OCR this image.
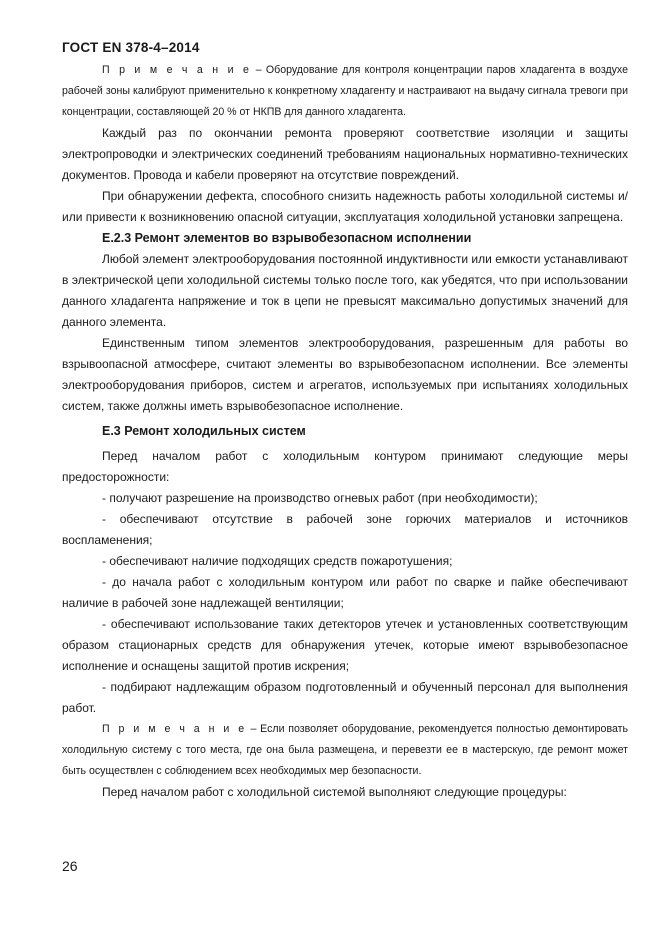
ГОСТ EN 378-4–2014

П р и м е ч а н и е – Оборудование для контроля концентрации паров хладагента в воздухе рабочей зоны калибруют применительно к конкретному хладагенту и настраивают на выдачу сигнала тревоги при концентрации, составляющей 20 % от НКПВ для данного хладагента.

Каждый раз по окончании ремонта проверяют соответствие изоляции и защиты электропроводки и электрических соединений требованиям национальных нормативно-технических документов. Провода и кабели проверяют на отсутствие повреждений.

При обнаружении дефекта, способного снизить надежность работы холодильной системы и/или привести к возникновению опасной ситуации, эксплуатация холодильной установки запрещена.

Е.2.3 Ремонт элементов во взрывобезопасном исполнении

Любой элемент электрооборудования постоянной индуктивности или емкости устанавливают в электрической цепи холодильной системы только после того, как убедятся, что при использовании данного хладагента напряжение и ток в цепи не превысят максимально допустимых значений для данного элемента.

Единственным типом элементов электрооборудования, разрешенным для работы во взрывоопасной атмосфере, считают элементы во взрывобезопасном исполнении. Все элементы электрооборудования приборов, систем и агрегатов, используемых при испытаниях холодильных систем, также должны иметь взрывобезопасное исполнение.

Е.3 Ремонт холодильных систем

Перед началом работ с холодильным контуром принимают следующие меры предосторожности:

- получают разрешение на производство огневых работ (при необходимости);

- обеспечивают отсутствие в рабочей зоне горючих материалов и источников воспламенения;

- обеспечивают наличие подходящих средств пожаротушения;

- до начала работ с холодильным контуром или работ по сварке и пайке обеспечивают наличие в рабочей зоне надлежащей вентиляции;

- обеспечивают использование таких детекторов утечек и установленных соответствующим образом стационарных средств для обнаружения утечек, которые имеют взрывобезопасное исполнение и оснащены защитой против искрения;

- подбирают надлежащим образом подготовленный и обученный персонал для выполнения работ.

П р и м е ч а н и е – Если позволяет оборудование, рекомендуется полностью демонтировать холодильную систему с того места, где она была размещена, и перевезти ее в мастерскую, где ремонт может быть осуществлен с соблюдением всех необходимых мер безопасности.

Перед началом работ с холодильной системой выполняют следующие процедуры:

26
